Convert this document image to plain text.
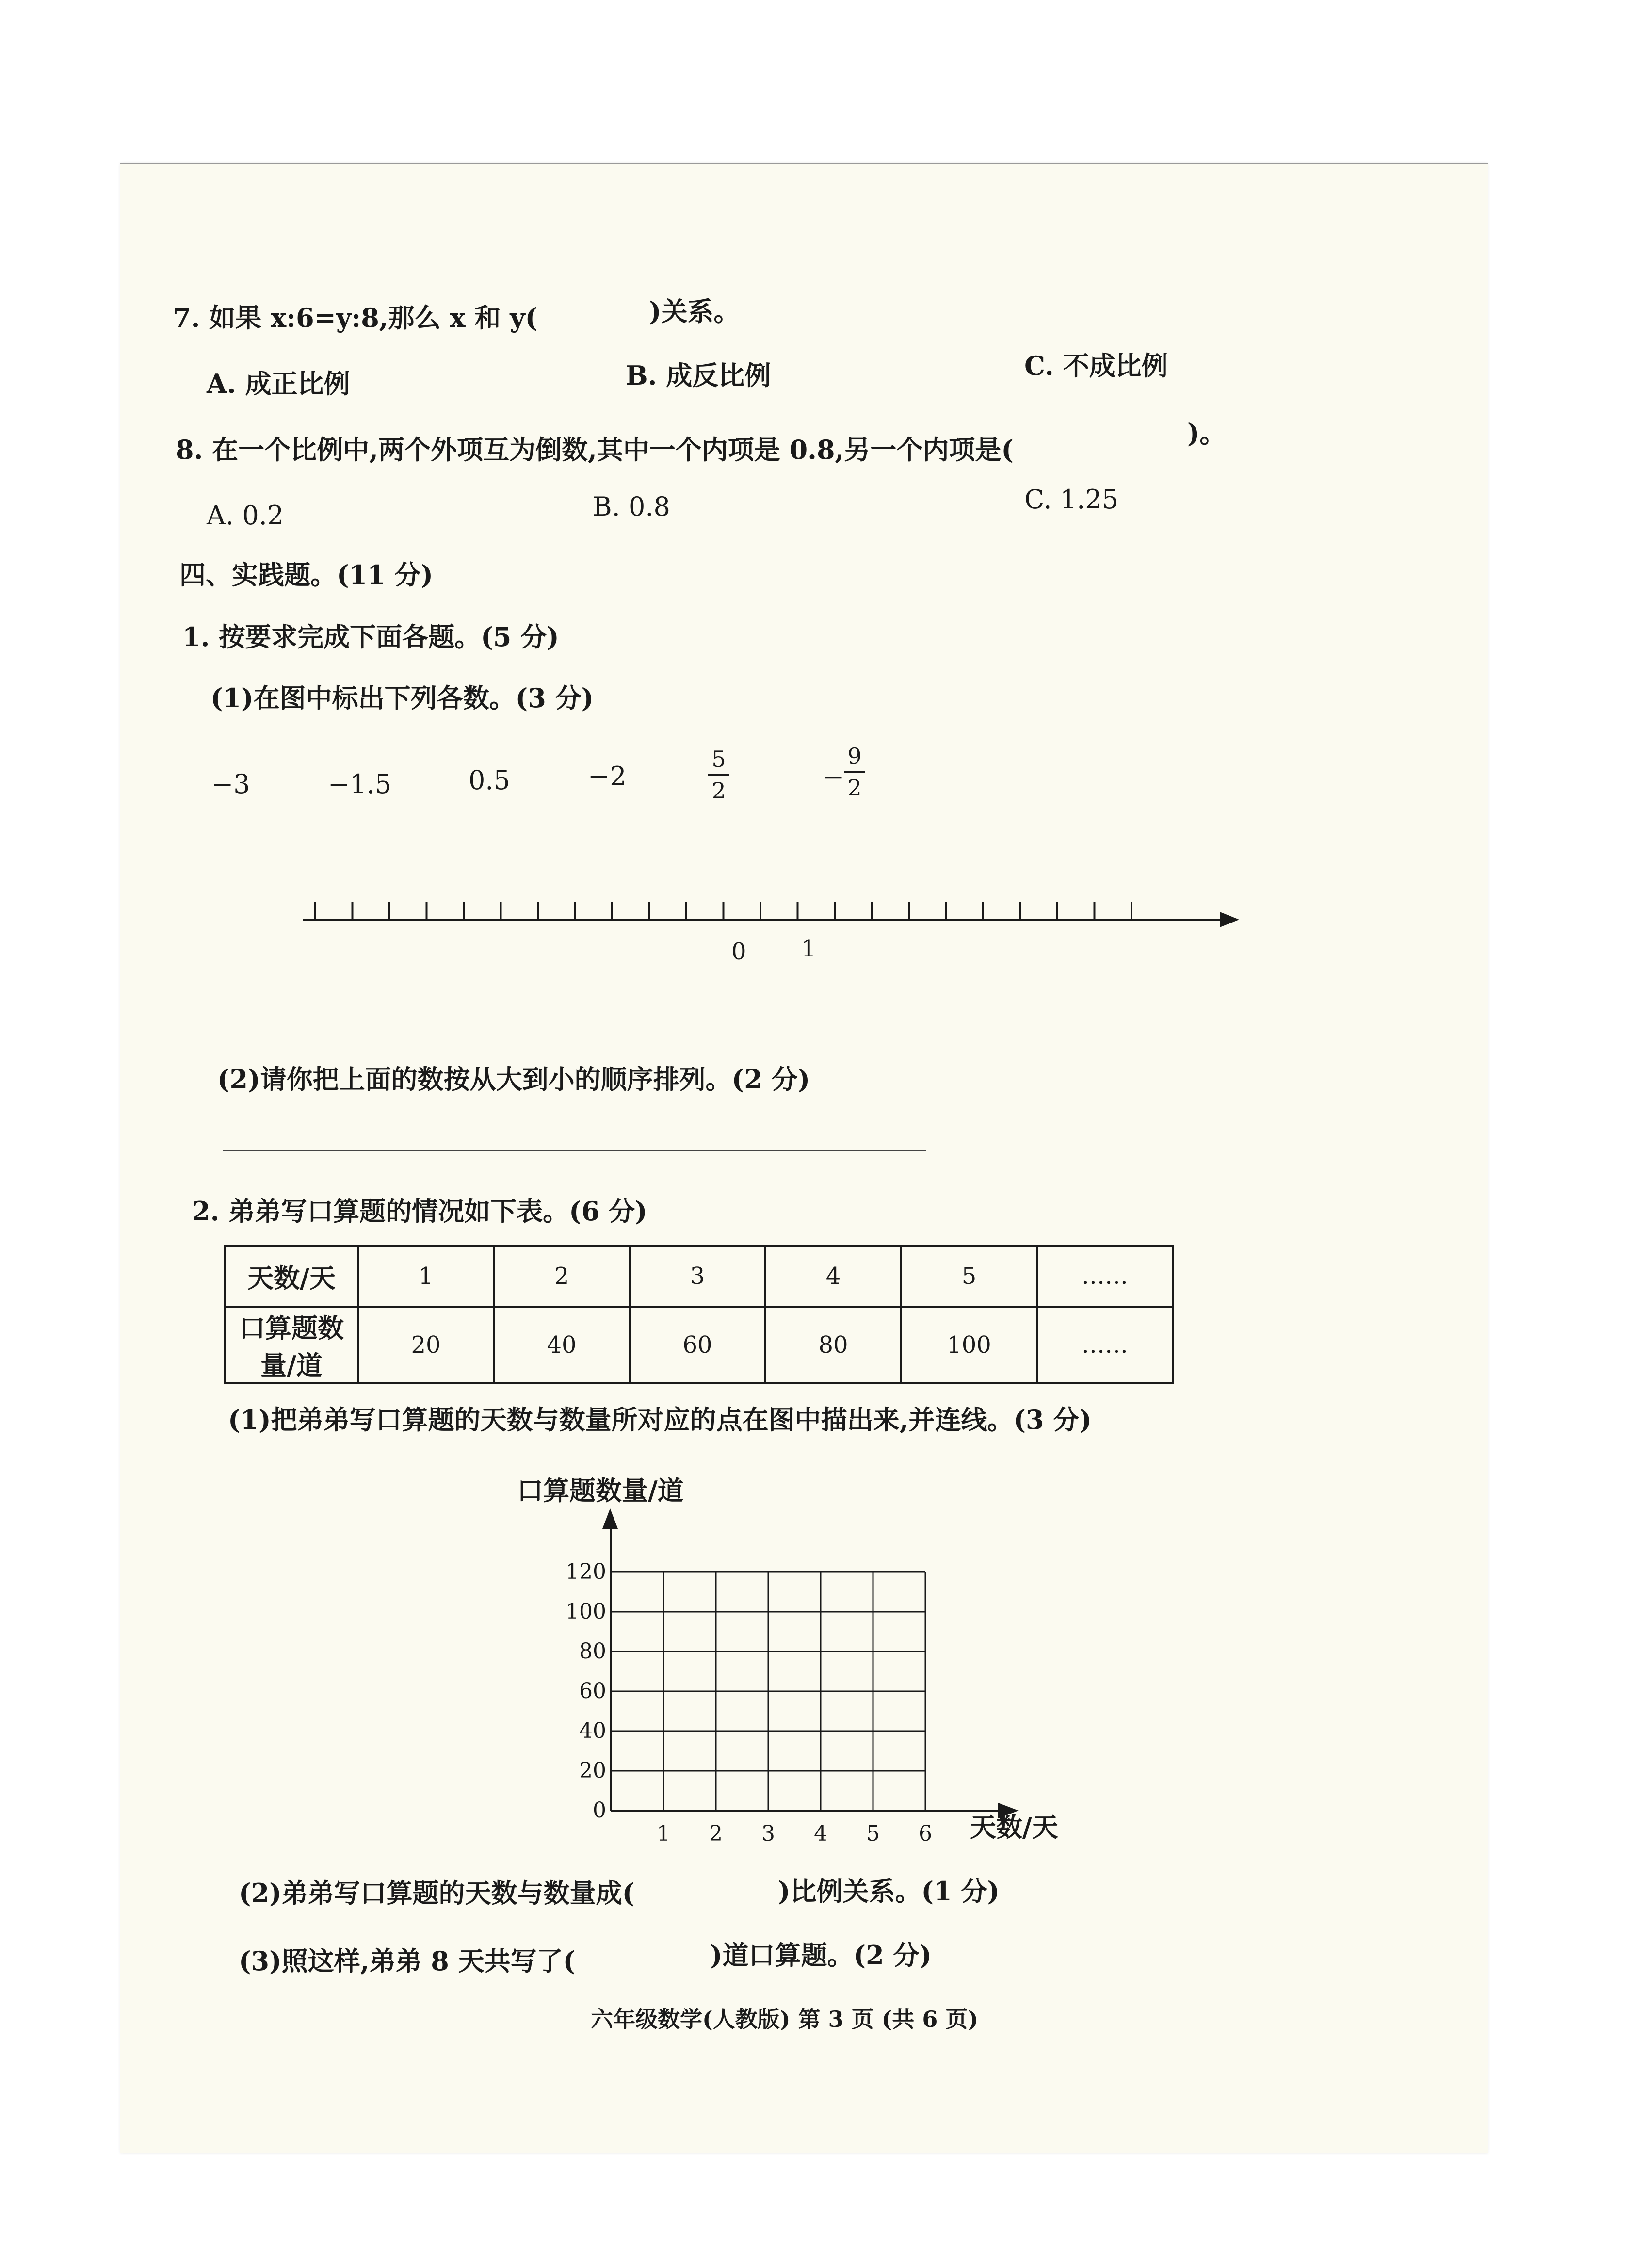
7. 如果 x:6=y:8,那么 x 和 y(	)关系。
A. 成正比例	B. 成反比例	C. 不成比例
8. 在一个比例中,两个外项互为倒数,其中一个内项是 0.8,另一个内项是(
)。
A. 0.2	B. 0.8	C. 1.25
四、实践题。(11 分)
1. 按要求完成下面各题。(5 分)
(1)在图中标出下列各数。(3 分)
−3	−1.5	0.5	−2
5
2	−
9
2
0 1
(2)请你把上面的数按从大到小的顺序排列。(2 分)
2. 弟弟写口算题的情况如下表。(6 分)
天数/天	1	2	3	4	5	……
口算题数量/道	20	40	60	80	100	……
(1)把弟弟写口算题的天数与数量所对应的点在图中描出来,并连线。(3 分)
口算题数量/道
0
20
40
60
80
100
120
1 2 3 4 5 6 天数/天
(2)弟弟写口算题的天数与数量成(	)比例关系。(1 分)
(3)照这样,弟弟 8 天共写了(	)道口算题。(2 分)
六年级数学(人教版) 第 3 页 (共 6 页)
